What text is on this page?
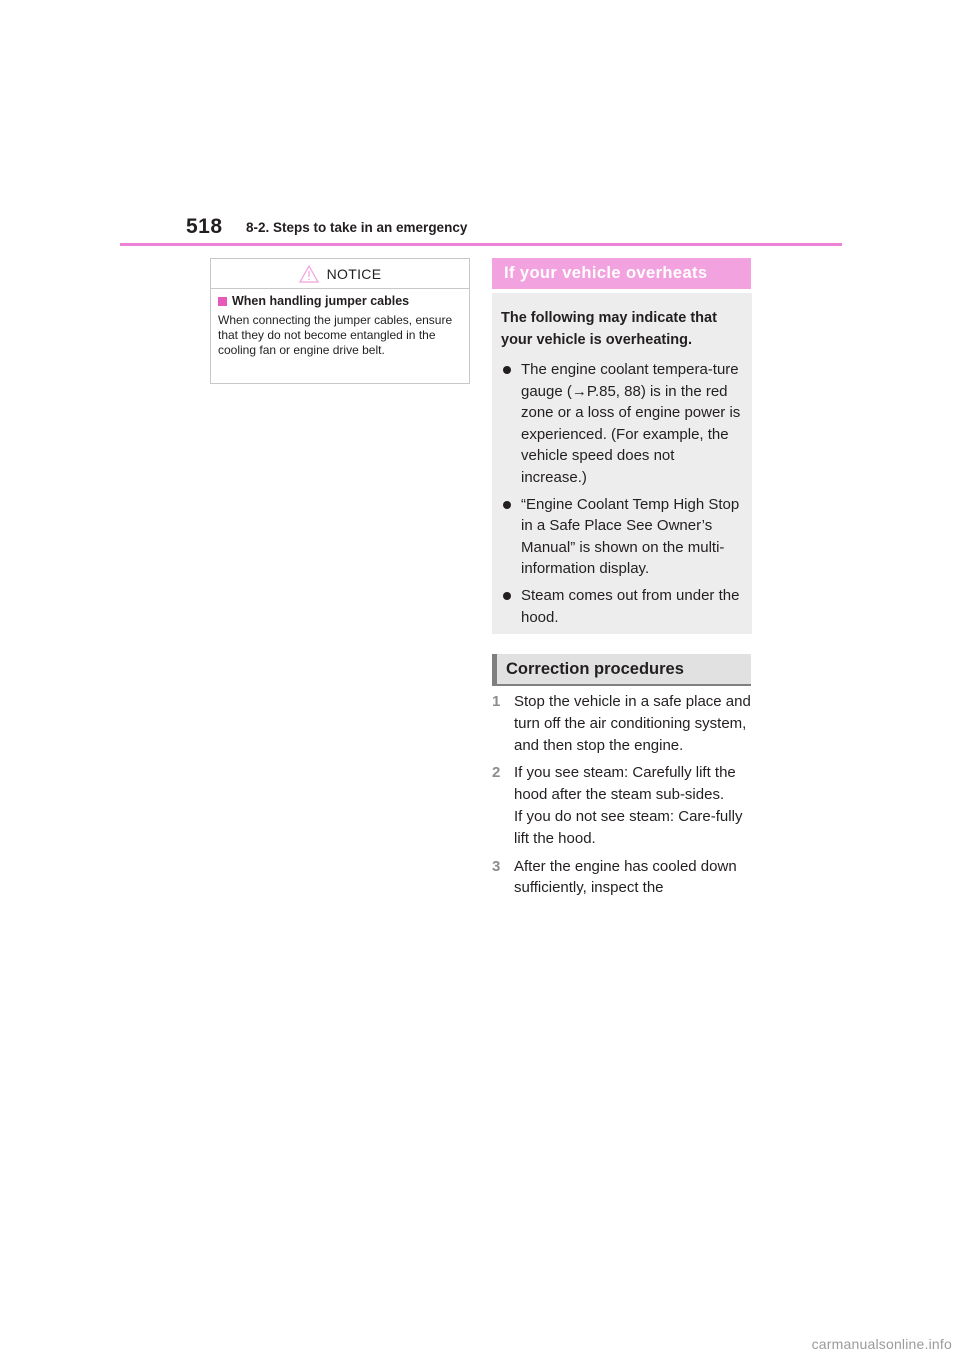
518 8-2. Steps to take in an emergency
NOTICE
When handling jumper cables
When connecting the jumper cables, ensure that they do not become entangled in the cooling fan or engine drive belt.
If your vehicle overheats
The following may indicate that your vehicle is overheating.
The engine coolant tempera-ture gauge (→P.85, 88) is in the red zone or a loss of engine power is experienced. (For example, the vehicle speed does not increase.)
“Engine Coolant Temp High Stop in a Safe Place See Owner’s Manual” is shown on the multi-information display.
Steam comes out from under the hood.
Correction procedures
1 Stop the vehicle in a safe place and turn off the air conditioning system, and then stop the engine.
2 If you see steam: Carefully lift the hood after the steam sub-sides.
If you do not see steam: Care-fully lift the hood.
3 After the engine has cooled down sufficiently, inspect the
carmanualsonline.info
